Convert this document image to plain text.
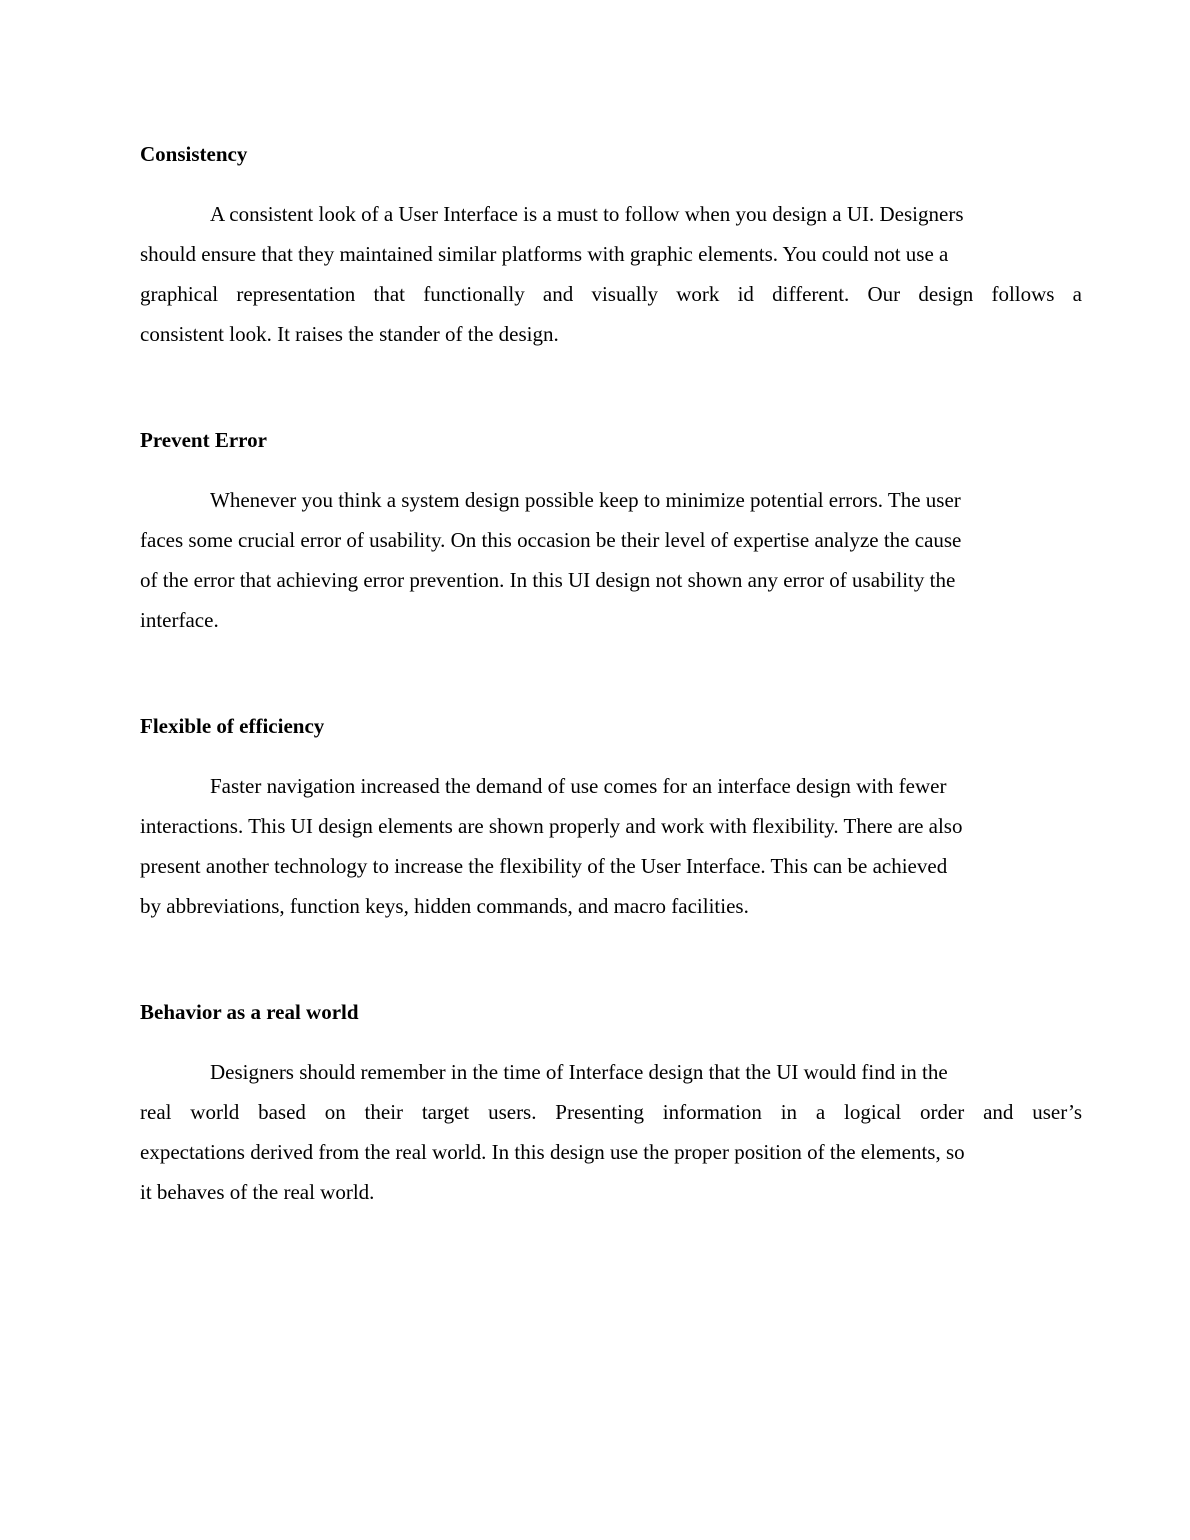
Consistency

A consistent look of a User Interface is a must to follow when you design a UI. Designers

should ensure that they maintained similar platforms with graphic elements. You could not use a

graphical representation that functionally and visually work id different. Our design follows a

consistent look. It raises the stander of the design.

Prevent Error

Whenever you think a system design possible keep to minimize potential errors. The user

faces some crucial error of usability. On this occasion be their level of expertise analyze the cause

of the error that achieving error prevention. In this UI design not shown any error of usability the

interface.

Flexible of efficiency

Faster navigation increased the demand of use comes for an interface design with fewer

interactions. This UI design elements are shown properly and work with flexibility. There are also

present another technology to increase the flexibility of the User Interface. This can be achieved

by abbreviations, function keys, hidden commands, and macro facilities.

Behavior as a real world

Designers should remember in the time of Interface design that the UI would find in the

real world based on their target users. Presenting information in a logical order and user’s

expectations derived from the real world. In this design use the proper position of the elements, so

it behaves of the real world.
